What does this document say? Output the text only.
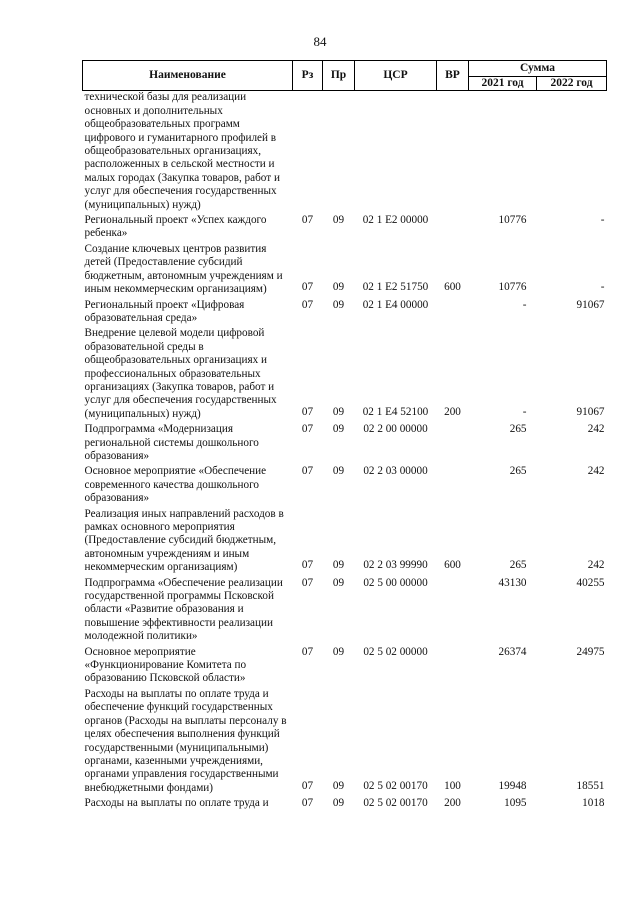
84
Наименование	Рз	Пр	ЦСР	ВР	Сумма	
					2021 год	2022 год
технической базы для реализации основных и дополнительных общеобразовательных программ цифрового и гуманитарного профилей в общеобразовательных организациях, расположенных в сельской местности и малых городах (Закупка товаров, работ и услуг для обеспечения государственных (муниципальных) нужд)						
Региональный проект «Успех каждого ребенка»	07	09	02 1 E2 00000		10776	-
Создание ключевых центров развития детей (Предоставление субсидий бюджетным, автономным учреждениям и иным некоммерческим организациям)	07	09	02 1 E2 51750	600	10776	-
Региональный проект «Цифровая образовательная среда»	07	09	02 1 E4 00000		-	91067
Внедрение целевой модели цифровой образовательной среды в общеобразовательных организациях и профессиональных образовательных организациях (Закупка товаров, работ и услуг для обеспечения государственных (муниципальных) нужд)	07	09	02 1 E4 52100	200	-	91067
Подпрограмма «Модернизация региональной системы дошкольного образования»	07	09	02 2 00 00000		265	242
Основное мероприятие «Обеспечение современного качества дошкольного образования»	07	09	02 2 03 00000		265	242
Реализация иных направлений расходов в рамках основного мероприятия (Предоставление субсидий бюджетным, автономным учреждениям и иным некоммерческим организациям)	07	09	02 2 03 99990	600	265	242
Подпрограмма «Обеспечение реализации государственной программы Псковской области «Развитие образования и повышение эффективности реализации молодежной политики»	07	09	02 5 00 00000		43130	40255
Основное мероприятие «Функционирование Комитета по образованию Псковской области»	07	09	02 5 02 00000		26374	24975
Расходы на выплаты по оплате труда и обеспечение функций государственных органов (Расходы на выплаты персоналу в целях обеспечения выполнения функций государственными (муниципальными) органами, казенными учреждениями, органами управления государственными внебюджетными фондами)	07	09	02 5 02 00170	100	19948	18551
Расходы на выплаты по оплате труда и	07	09	02 5 02 00170	200	1095	1018
